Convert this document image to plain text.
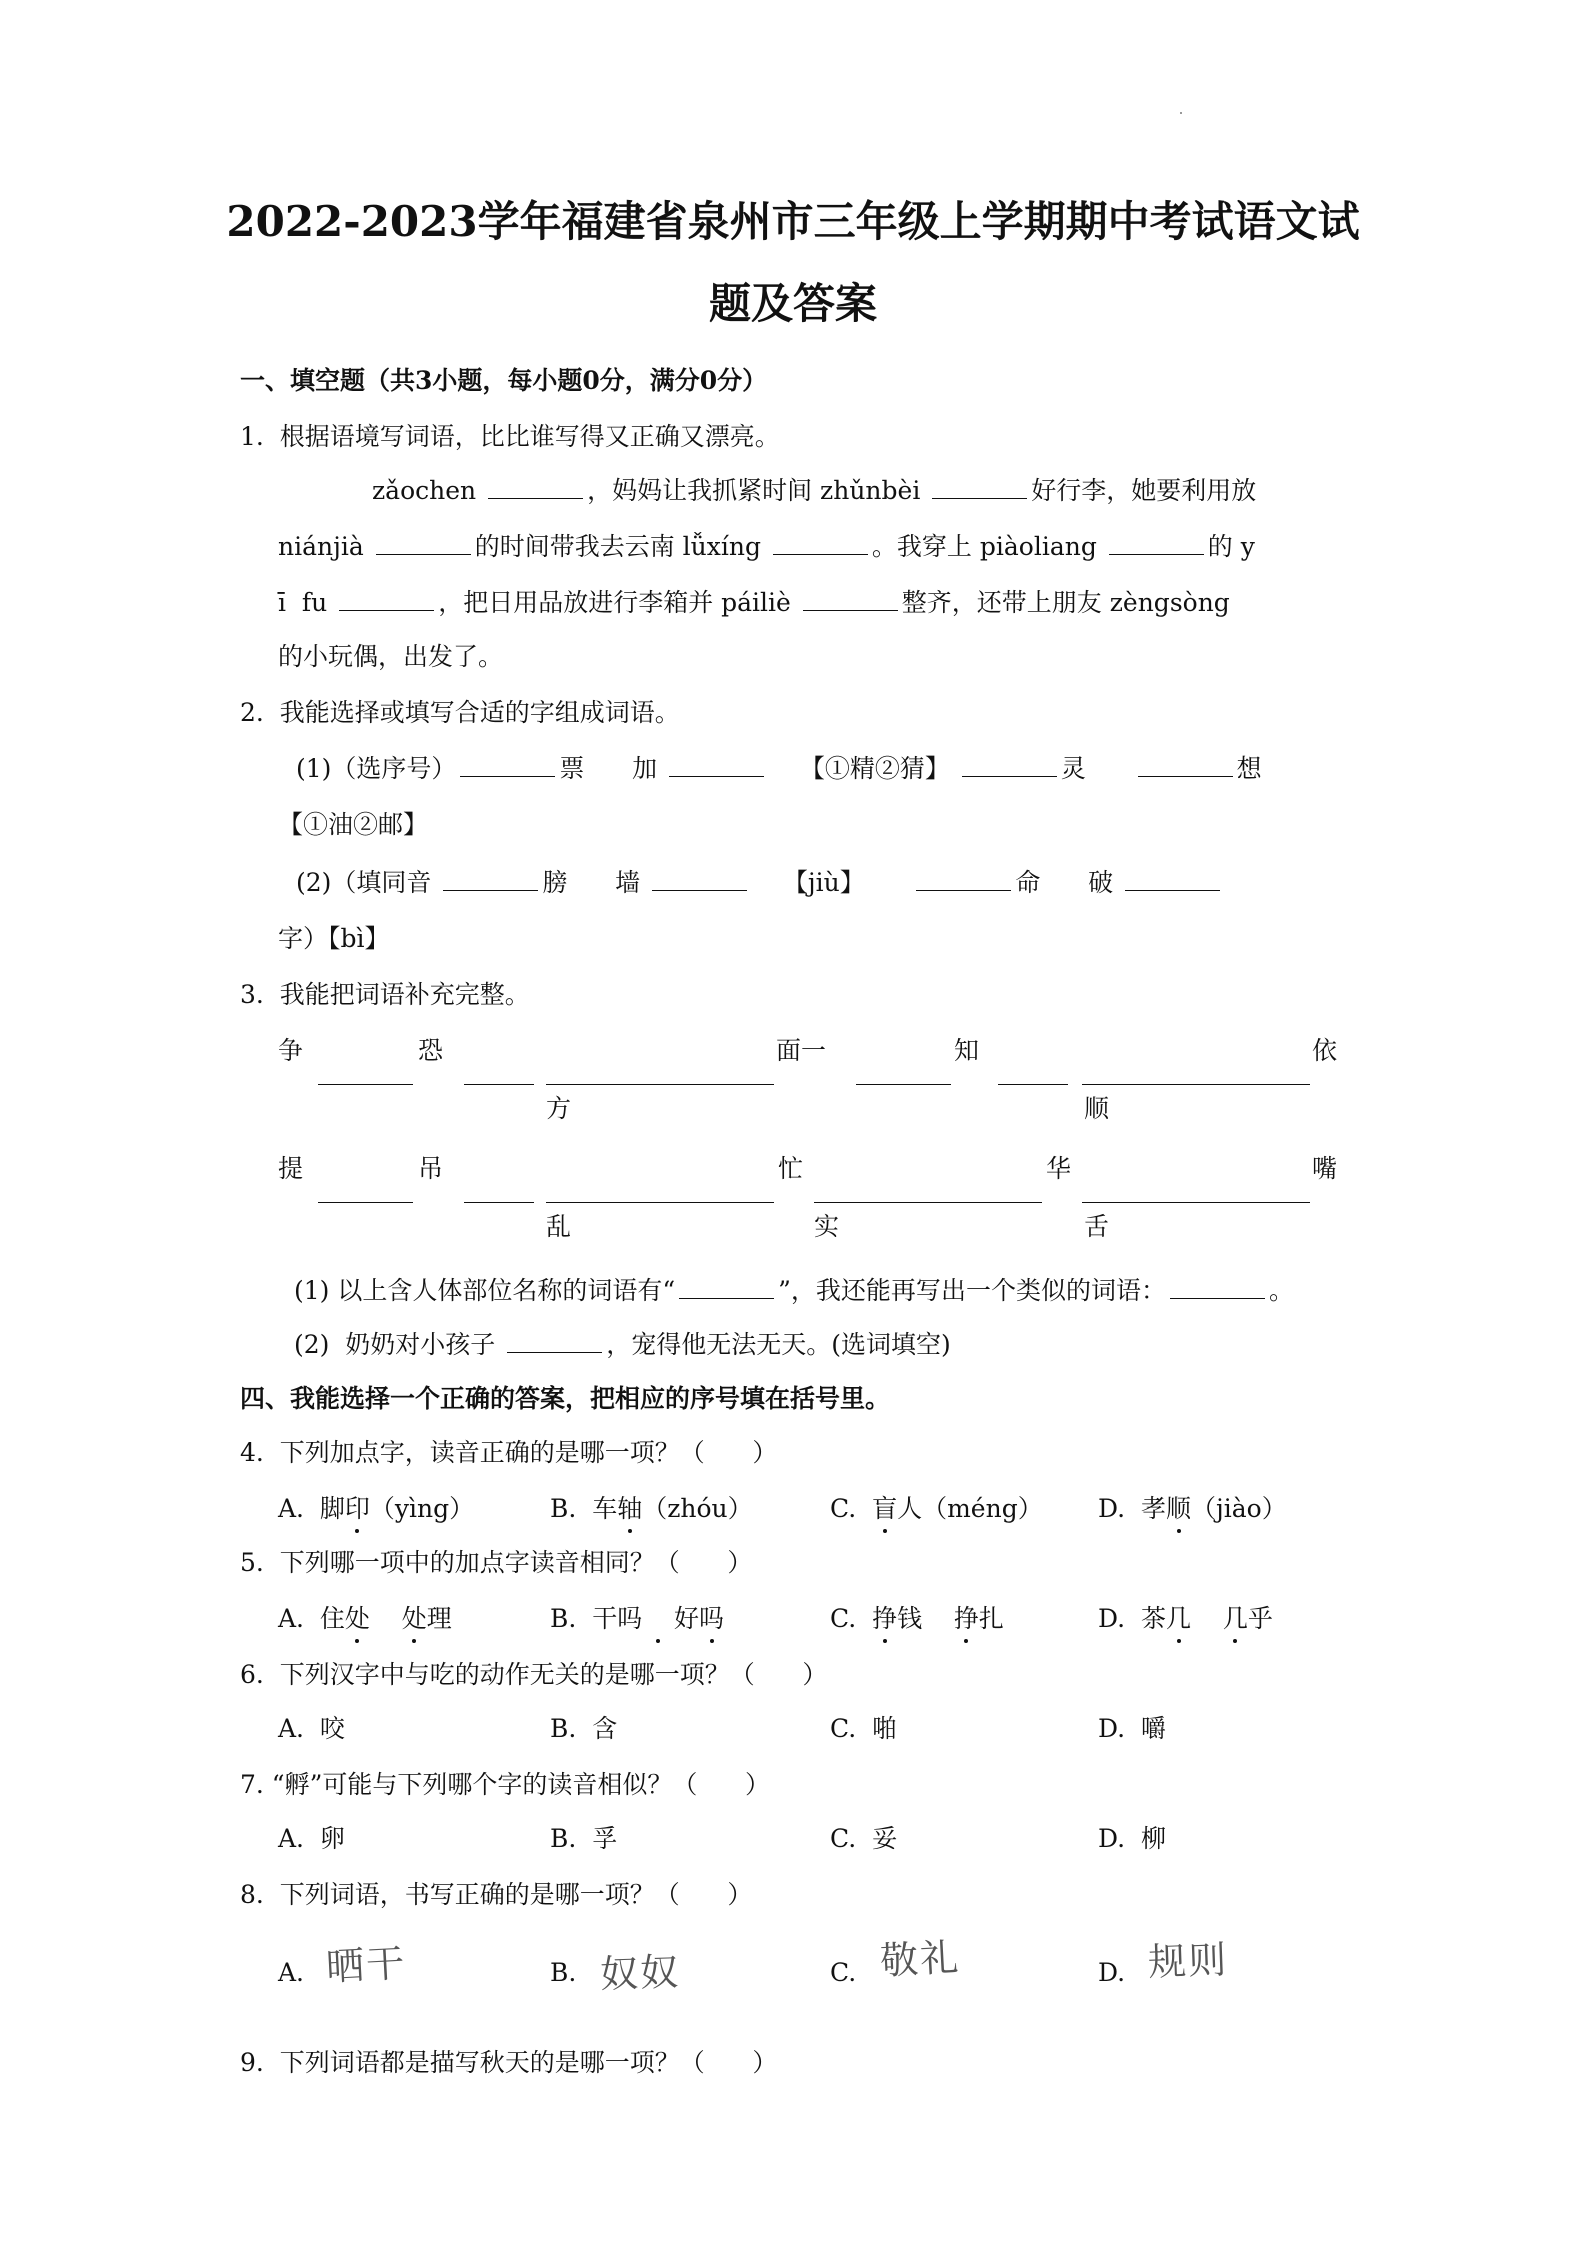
2022-2023学年福建省泉州市三年级上学期期中考试语文试
题及答案
一、填空题（共3小题，每小题0分，满分0分）
1.  根据语境写词语，比比谁写得又正确又漂亮。
zǎochen	，妈妈让我抓紧时间 zhǔnbèi	好行李，她要利用放
niánjià	的时间带我去云南 lǚxíng	。我穿上 piàoliang	的 y
ī  fu	，把日用品放进行李箱并 páiliè	整齐，还带上朋友 zèngsòng
的小玩偶，出发了。
2.  我能选择或填写合适的字组成词语。
(1)（选序号）	票 加	【①精②猜】	灵	想
【①油②邮】
(2)（填同音	膀 墙	【jiù】	命 破
字）【bì】
3.  我能把词语补充完整。
争	恐	面一	知	依
方	顺
提	吊	忙	华	嘴
乱	实	舌
(1) 以上含人体部位名称的词语有“	”，我还能再写出一个类似的词语：	。
(2)  奶奶对小孩子	，宠得他无法无天。(选词填空)
四、我能选择一个正确的答案，把相应的序号填在括号里。
4.  下列加点字，读音正确的是哪一项？（      ）
A.  脚印（yìng）	B.  车轴（zhóu）	C.  盲人（méng） D.  孝顺（jiào）
5.  下列哪一项中的加点字读音相同？（      ）
A.  住处 处理	B.  干吗    好吗	C.  挣钱    挣扎	D.  茶几 几乎
6.  下列汉字中与吃的动作无关的是哪一项？（      ）
A.  咬	B.  含	C.  啪	D.  嚼
7. “孵”可能与下列哪个字的读音相似？（      ）
A.  卵	B.  孚	C.  妥	D.  柳
8.  下列词语，书写正确的是哪一项？（      ）
A. 晒干	B. 奴奴	C. 敬礼	D. 规则
9.  下列词语都是描写秋天的是哪一项？（      ）
